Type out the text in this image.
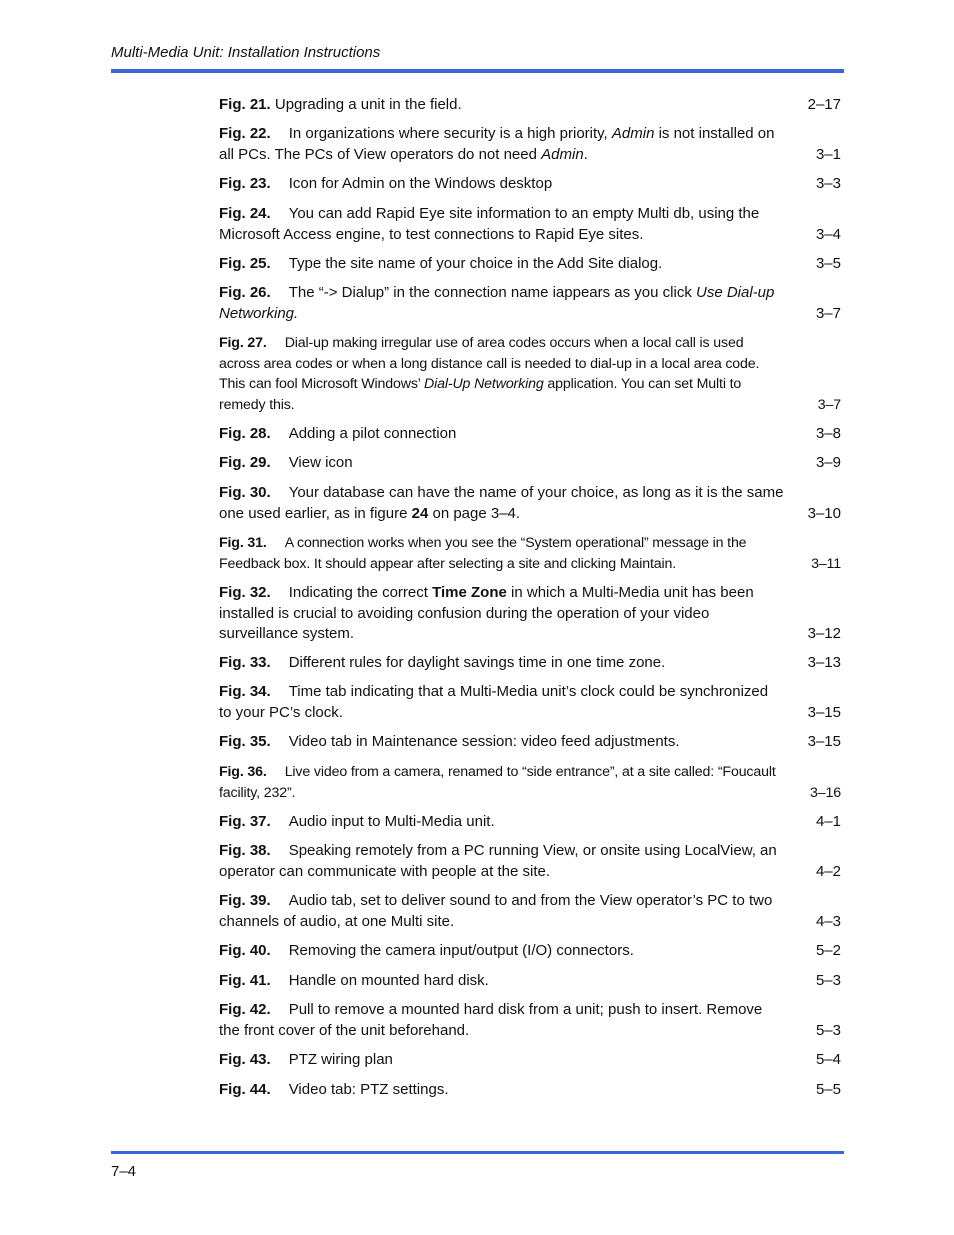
Multi-Media Unit: Installation Instructions
Fig. 21. Upgrading a unit in the field.	2–17
Fig. 22. In organizations where security is a high priority, Admin is not installed on all PCs. The PCs of View operators do not need Admin.	3–1
Fig. 23. Icon for Admin on the Windows desktop	3–3
Fig. 24. You can add Rapid Eye site information to an empty Multi db, using the Microsoft Access engine, to test connections to Rapid Eye sites.	3–4
Fig. 25. Type the site name of your choice in the Add Site dialog.	3–5
Fig. 26. The “-> Dialup” in the connection name iappears as you click Use Dial-up Networking.	3–7
Fig. 27. Dial-up making irregular use of area codes occurs when a local call is used across area codes or when a long distance call is needed to dial-up in a local area code. This can fool Microsoft Windows’ Dial-Up Networking application. You can set Multi to remedy this.	3–7
Fig. 28. Adding a pilot connection	3–8
Fig. 29. View icon	3–9
Fig. 30. Your database can have the name of your choice, as long as it is the same one used earlier, as in figure 24 on page 3–4.	3–10
Fig. 31. A connection works when you see the “System operational” message in the Feedback box. It should appear after selecting a site and clicking Maintain.	3–11
Fig. 32. Indicating the correct Time Zone in which a Multi-Media unit has been installed is crucial to avoiding confusion during the operation of your video surveillance system.	3–12
Fig. 33. Different rules for daylight savings time in one time zone.	3–13
Fig. 34. Time tab indicating that a Multi-Media unit’s clock could be synchronized to your PC’s clock.	3–15
Fig. 35. Video tab in Maintenance session: video feed adjustments.	3–15
Fig. 36. Live video from a camera, renamed to “side entrance”, at a site called: “Foucault facility, 232”.	3–16
Fig. 37. Audio input to Multi-Media unit.	4–1
Fig. 38. Speaking remotely from a PC running View, or onsite using LocalView, an operator can communicate with people at the site.	4–2
Fig. 39. Audio tab, set to deliver sound to and from the View operator’s PC to two channels of audio, at one Multi site.	4–3
Fig. 40. Removing the camera input/output (I/O) connectors.	5–2
Fig. 41. Handle on mounted hard disk.	5–3
Fig. 42. Pull to remove a mounted hard disk from a unit; push to insert. Remove the front cover of the unit beforehand.	5–3
Fig. 43. PTZ wiring plan	5–4
Fig. 44. Video tab: PTZ settings.	5–5
7–4
